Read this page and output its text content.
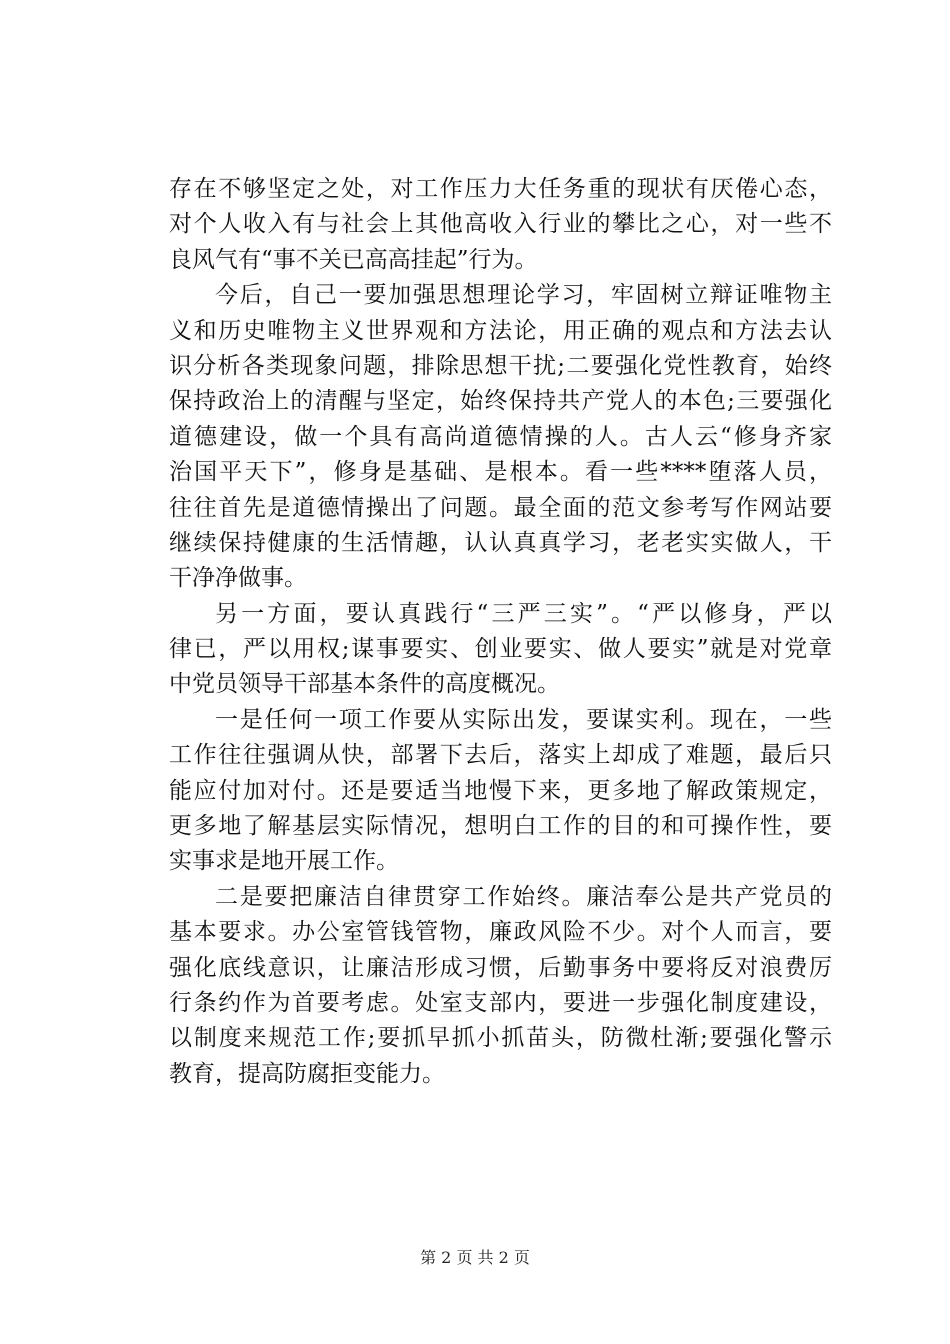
存在不够坚定之处，对工作压力大任务重的现状有厌倦心态，
对个人收入有与社会上其他高收入行业的攀比之心，对一些不
良风气有“事不关已高高挂起”行为。
今后，自己一要加强思想理论学习，牢固树立辩证唯物主
义和历史唯物主义世界观和方法论，用正确的观点和方法去认
识分析各类现象问题，排除思想干扰;二要强化党性教育，始终
保持政治上的清醒与坚定，始终保持共产党人的本色;三要强化
道德建设，做一个具有高尚道德情操的人。古人云“修身齐家
治国平天下”，修身是基础、是根本。看一些****堕落人员，
往往首先是道德情操出了问题。最全面的范文参考写作网站要
继续保持健康的生活情趣，认认真真学习，老老实实做人，干
干净净做事。
另一方面，要认真践行“三严三实”。“严以修身，严以
律已，严以用权;谋事要实、创业要实、做人要实”就是对党章
中党员领导干部基本条件的高度概况。
一是任何一项工作要从实际出发，要谋实利。现在，一些
工作往往强调从快，部署下去后，落实上却成了难题，最后只
能应付加对付。还是要适当地慢下来，更多地了解政策规定，
更多地了解基层实际情况，想明白工作的目的和可操作性，要
实事求是地开展工作。
二是要把廉洁自律贯穿工作始终。廉洁奉公是共产党员的
基本要求。办公室管钱管物，廉政风险不少。对个人而言，要
强化底线意识，让廉洁形成习惯，后勤事务中要将反对浪费厉
行条约作为首要考虑。处室支部内，要进一步强化制度建设，
以制度来规范工作;要抓早抓小抓苗头，防微杜渐;要强化警示
教育，提高防腐拒变能力。
第 2 页 共 2 页
